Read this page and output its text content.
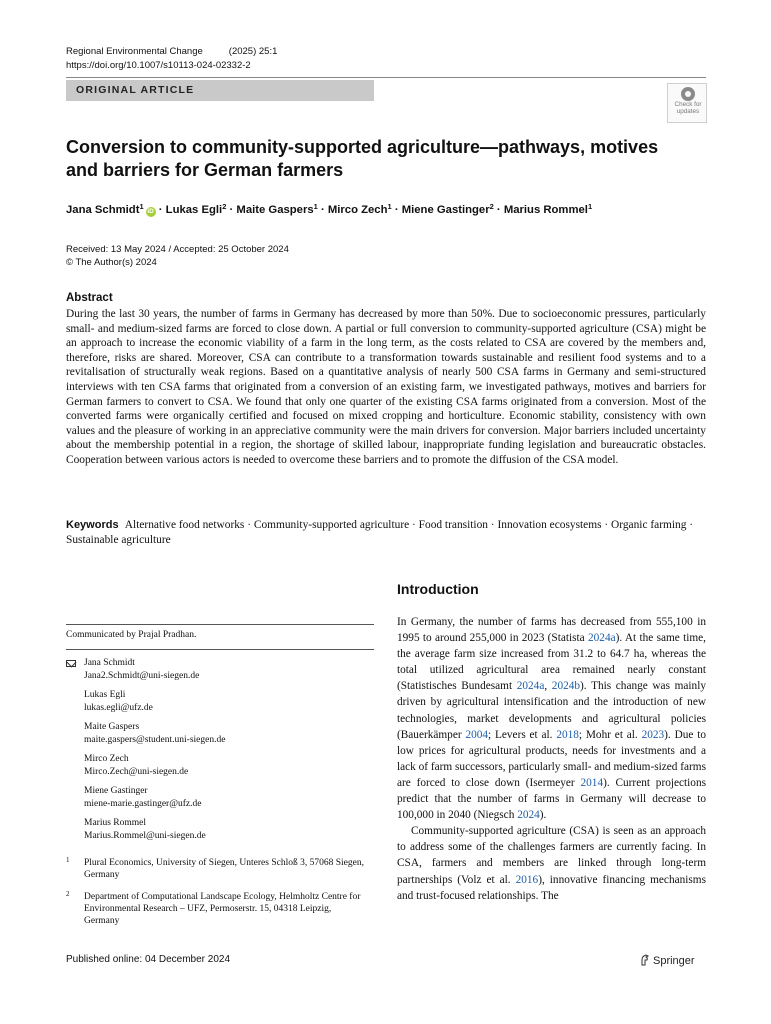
Regional Environmental Change	(2025) 25:1
https://doi.org/10.1007/s10113-024-02332-2
ORIGINAL ARTICLE
Check for
updates
Conversion to community-supported agriculture—pathways, motives and barriers for German farmers
Jana Schmidt$^1$iD · Lukas Egli$^2$ · Maite Gaspers$^1$ · Mirco Zech$^1$ · Miene Gastinger$^2$ · Marius Rommel$^1$
Received: 13 May 2024 / Accepted: 25 October 2024
© The Author(s) 2024
Abstract
During the last 30 years, the number of farms in Germany has decreased by more than 50%. Due to socioeconomic pressures, particularly small- and medium-sized farms are forced to close down. A partial or full conversion to community-supported agriculture (CSA) might be an approach to increase the economic viability of a farm in the long term, as the costs related to CSA are covered by the members and, therefore, risks are shared. Moreover, CSA can contribute to a transformation towards sustainable and resilient food systems and to a revitalisation of structurally weak regions. Based on a quantitative analysis of nearly 500 CSA farms in Germany and semi-structured interviews with ten CSA farms that originated from a conversion of an existing farm, we investigated pathways, motives and barriers for German farmers to convert to CSA. We found that only one quarter of the existing CSA farms originated from a conversion. Most of the converted farms were organically certified and focused on mixed cropping and horticulture. Economic stability, consistency with own values and the pleasure of working in an appreciative community were the main drivers for conversion. Major barriers included uncertainty about the membership potential in a region, the shortage of skilled labour, inappropriate funding legislation and bureaucratic obstacles. Cooperation between various actors is needed to overcome these barriers and to promote the diffusion of the CSA model.
Keywords Alternative food networks · Community-supported agriculture · Food transition · Innovation ecosystems · Organic farming · Sustainable agriculture
Communicated by Prajal Pradhan.
Jana Schmidt
Jana2.Schmidt@uni-siegen.de
Lukas Egli
lukas.egli@ufz.de
Maite Gaspers
maite.gaspers@student.uni-siegen.de
Mirco Zech
Mirco.Zech@uni-siegen.de
Miene Gastinger
miene-marie.gastinger@ufz.de
Marius Rommel
Marius.Rommel@uni-siegen.de
1 Plural Economics, University of Siegen, Unteres Schloß 3, 57068 Siegen, Germany
2 Department of Computational Landscape Ecology, Helmholtz Centre for Environmental Research – UFZ, Permoserstr. 15, 04318 Leipzig, Germany
Introduction

In Germany, the number of farms has decreased from 555,100 in 1995 to around 255,000 in 2023 (Statista 2024a). At the same time, the average farm size increased from 31.2 to 64.7 ha, whereas the total utilized agricultural area remained nearly constant (Statistisches Bundesamt 2024a, 2024b). This change was mainly driven by agricultural intensification and the introduction of new technologies, market developments and agricultural policies (Bauerkämper 2004; Levers et al. 2018; Mohr et al. 2023). Due to low prices for agricultural products, needs for investments and a lack of farm successors, particularly small- and medium-sized farms are forced to close down (Isermeyer 2014). Current projections predict that the number of farms in Germany will decrease to 100,000 in 2040 (Niegsch 2024).

Community-supported agriculture (CSA) is seen as an approach to address some of the challenges farmers are currently facing. In CSA, farmers and members are linked through long-term partnerships (Volz et al. 2016), innovative financing mechanisms and trust-focused relationships. The

Published online: 04 December 2024	Springer
